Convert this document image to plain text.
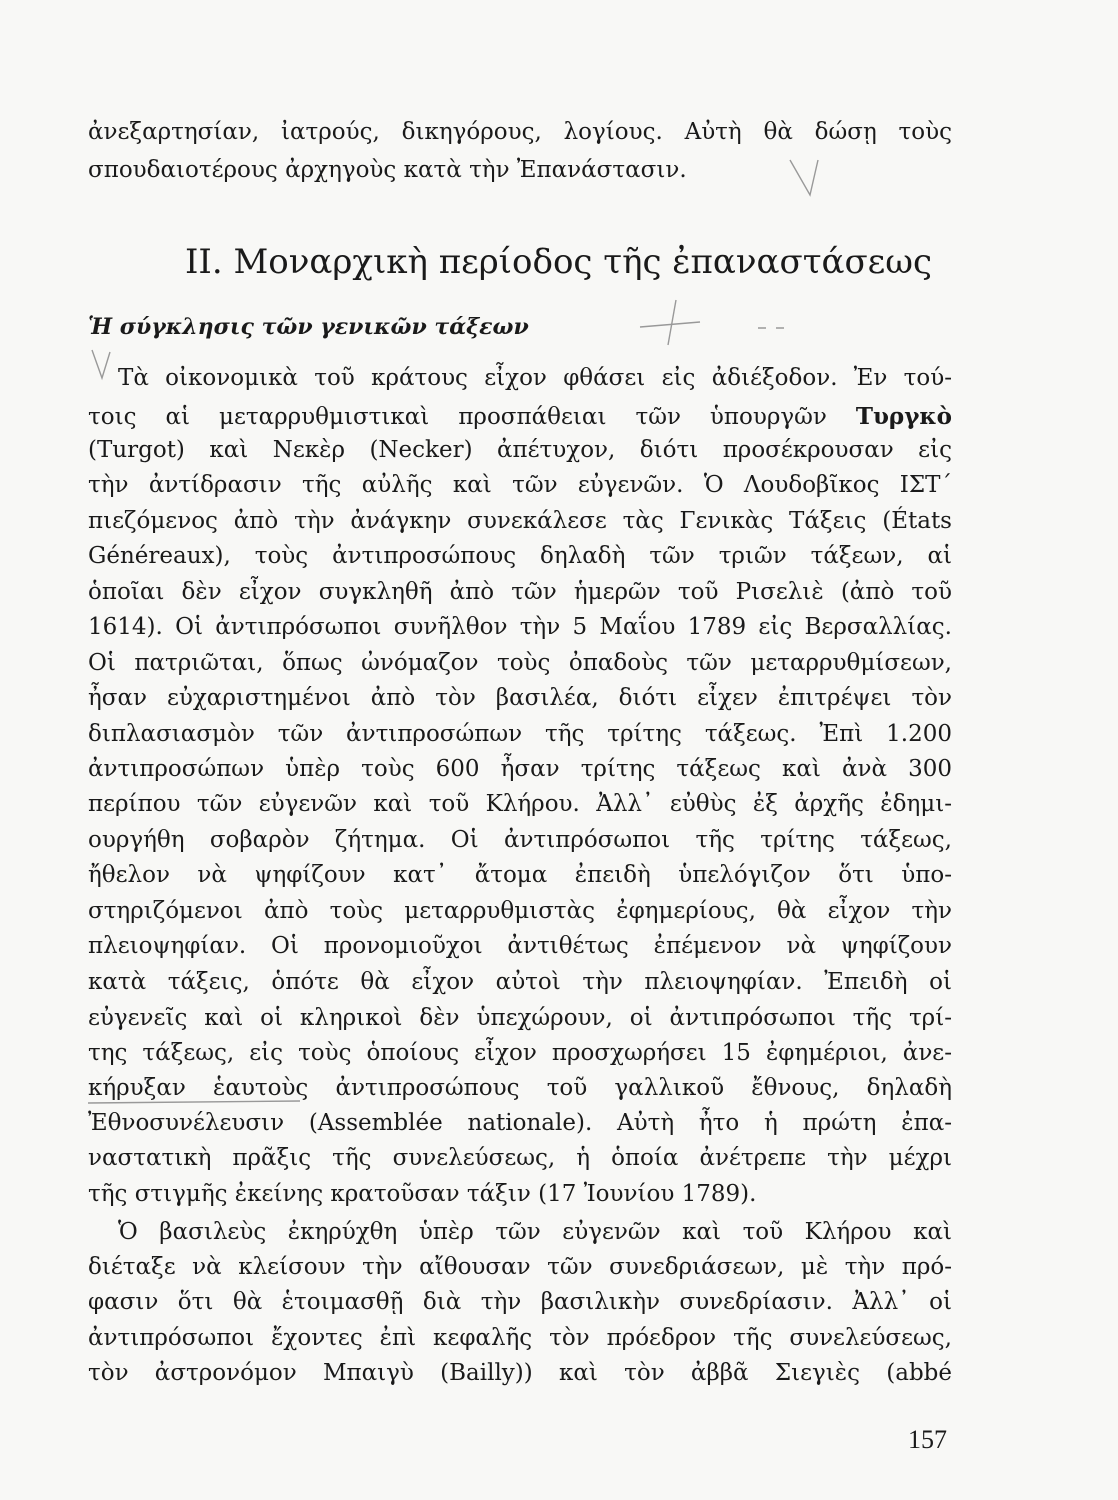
ἀνεξαρτησίαν, ἰατρούς, δικηγόρους, λογίους. Αὐτὴ θὰ δώσῃ τοὺς
σπουδαιοτέρους ἀρχηγοὺς κατὰ τὴν Ἐπανάστασιν.
II. Μοναρχικὴ περίοδος τῆς ἐπαναστάσεως
Ἡ σύγκλησις τῶν γενικῶν τάξεων
Τὰ οἰκονομικὰ τοῦ κράτους εἶχον φθάσει εἰς ἀδιέξοδον. Ἐν τού-
τοις αἱ μεταρρυθμιστικαὶ προσπάθειαι τῶν ὑπουργῶν Τυργκὸ
(Turgot) καὶ Νεκὲρ (Necker) ἀπέτυχον, διότι προσέκρουσαν εἰς
τὴν ἀντίδρασιν τῆς αὐλῆς καὶ τῶν εὐγενῶν. Ὁ Λουδοβῖκος ΙΣΤ΄
πιεζόμενος ἀπὸ τὴν ἀνάγκην συνεκάλεσε τὰς Γενικὰς Τάξεις (États
Généreaux), τοὺς ἀντιπροσώπους δηλαδὴ τῶν τριῶν τάξεων, αἱ
ὁποῖαι δὲν εἶχον συγκληθῆ ἀπὸ τῶν ἡμερῶν τοῦ Ρισελιὲ (ἀπὸ τοῦ
1614). Οἱ ἀντιπρόσωποι συνῆλθον τὴν 5 Μαΐου 1789 εἰς Βερσαλλίας.
Οἱ πατριῶται, ὅπως ὠνόμαζον τοὺς ὀπαδοὺς τῶν μεταρρυθμίσεων,
ἦσαν εὐχαριστημένοι ἀπὸ τὸν βασιλέα, διότι εἶχεν ἐπιτρέψει τὸν
διπλασιασμὸν τῶν ἀντιπροσώπων τῆς τρίτης τάξεως. Ἐπὶ 1.200
ἀντιπροσώπων ὑπὲρ τοὺς 600 ἦσαν τρίτης τάξεως καὶ ἀνὰ 300
περίπου τῶν εὐγενῶν καὶ τοῦ Κλήρου. Ἀλλ᾽ εὐθὺς ἐξ ἀρχῆς ἐδημι-
ουργήθη σοβαρὸν ζήτημα. Οἱ ἀντιπρόσωποι τῆς τρίτης τάξεως,
ἤθελον νὰ ψηφίζουν κατ᾽ ἄτομα ἐπειδὴ ὑπελόγιζον ὅτι ὑπο-
στηριζόμενοι ἀπὸ τοὺς μεταρρυθμιστὰς ἐφημερίους, θὰ εἶχον τὴν
πλειοψηφίαν. Οἱ προνομιοῦχοι ἀντιθέτως ἐπέμενον νὰ ψηφίζουν
κατὰ τάξεις, ὁπότε θὰ εἶχον αὐτοὶ τὴν πλειοψηφίαν. Ἐπειδὴ οἱ
εὐγενεῖς καὶ οἱ κληρικοὶ δὲν ὑπεχώρουν, οἱ ἀντιπρόσωποι τῆς τρί-
της τάξεως, εἰς τοὺς ὁποίους εἶχον προσχωρήσει 15 ἐφημέριοι, ἀνε-
κήρυξαν ἑαυτοὺς ἀντιπροσώπους τοῦ γαλλικοῦ ἔθνους, δηλαδὴ
Ἐθνοσυνέλευσιν (Assemblée nationale). Αὐτὴ ἦτο ἡ πρώτη ἐπα-
ναστατικὴ πρᾶξις τῆς συνελεύσεως, ἡ ὁποία ἀνέτρεπε τὴν μέχρι
τῆς στιγμῆς ἐκείνης κρατοῦσαν τάξιν (17 Ἰουνίου 1789).
Ὁ βασιλεὺς ἐκηρύχθη ὑπὲρ τῶν εὐγενῶν καὶ τοῦ Κλήρου καὶ
διέταξε νὰ κλείσουν τὴν αἴθουσαν τῶν συνεδριάσεων, μὲ τὴν πρό-
φασιν ὅτι θὰ ἑτοιμασθῇ διὰ τὴν βασιλικὴν συνεδρίασιν. Ἀλλ᾽ οἱ
ἀντιπρόσωποι ἔχοντες ἐπὶ κεφαλῆς τὸν πρόεδρον τῆς συνελεύσεως,
τὸν ἀστρονόμον Μπαιγὺ (Bailly)) καὶ τὸν ἀββᾶ Σιεγιὲς (abbé
157
